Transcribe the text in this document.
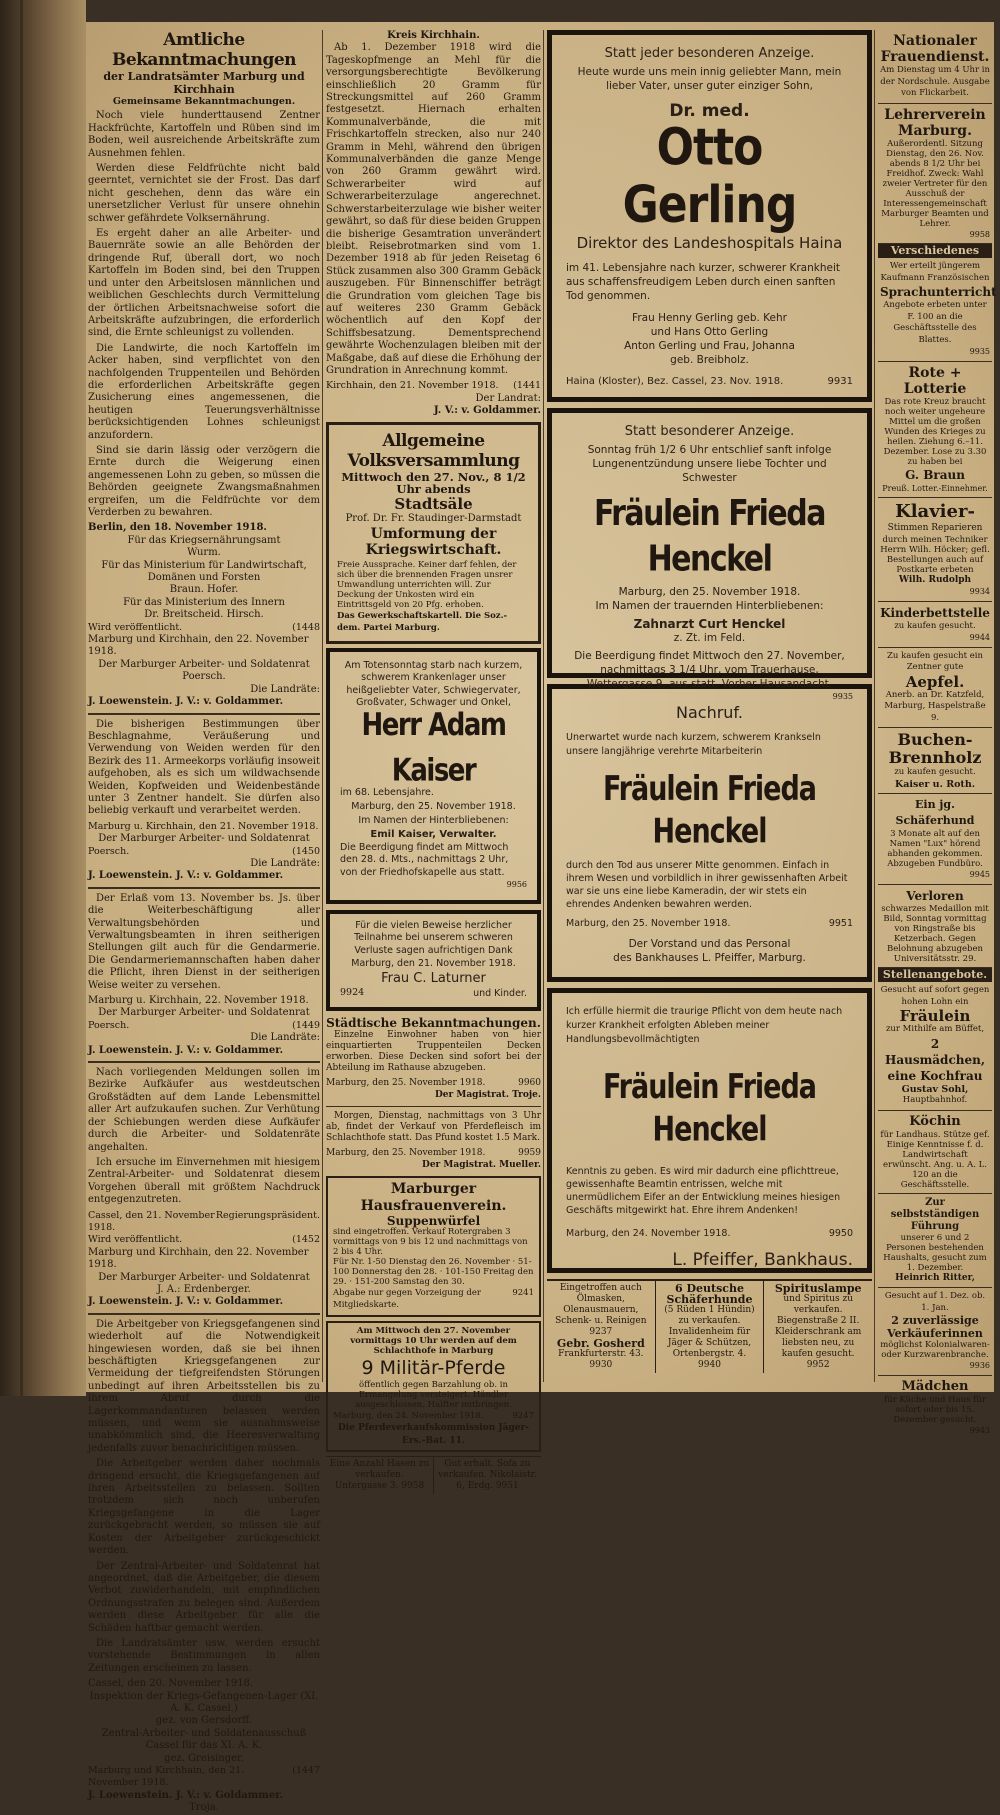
Amtliche Bekanntmachungen
der Landratsämter Marburg und Kirchhain
Gemeinsame Bekanntmachungen.

Noch viele hunderttausend Zentner Hackfrüchte, Kartoffeln und Rüben sind im Boden, weil ausreichende Arbeitskräfte zum Ausnehmen fehlen.

Werden diese Feldfrüchte nicht bald geerntet, vernichtet sie der Frost. Das darf nicht geschehen, denn das wäre ein unersetzlicher Verlust für unsere ohnehin schwer gefährdete Volksernährung.

Es ergeht daher an alle Arbeiter- und Bauernräte sowie an alle Behörden der dringende Ruf, überall dort, wo noch Kartoffeln im Boden sind, bei den Truppen und unter den Arbeitslosen männlichen und weiblichen Geschlechts durch Vermittelung der örtlichen Arbeitsnachweise sofort die Arbeitskräfte aufzubringen, die erforderlich sind, die Ernte schleunigst zu vollenden.

Die Landwirte, die noch Kartoffeln im Acker haben, sind verpflichtet von den nachfolgenden Truppenteilen und Behörden die erforderlichen Arbeitskräfte gegen Zusicherung eines angemessenen, die heutigen Teuerungsverhältnisse berücksichtigenden Lohnes schleunigst anzufordern.

Sind sie darin lässig oder verzögern die Ernte durch die Weigerung einen angemessenen Lohn zu geben, so müssen die Behörden geeignete Zwangsmaßnahmen ergreifen, um die Feldfrüchte vor dem Verderben zu bewahren.

Berlin, den 18. November 1918.
Für das Kriegsernährungsamt
Wurm.
Für das Ministerium für Landwirtschaft, Domänen und Forsten
Braun. Hofer.
Für das Ministerium des Innern
Dr. Breitscheid. Hirsch.
Wird veröffentlicht.	(1448
Marburg und Kirchhain, den 22. November 1918.
Der Marburger Arbeiter- und Soldatenrat
Poersch.
Die Landräte:
J. Loewenstein. J. V.: v. Goldammer.

Die bisherigen Bestimmungen über Beschlagnahme, Veräußerung und Verwendung von Weiden werden für den Bezirk des 11. Armeekorps vorläufig insoweit aufgehoben, als es sich um wildwachsende Weiden, Kopfweiden und Weidenbestände unter 3 Zentner handelt. Sie dürfen also beliebig verkauft und verarbeitet werden.

Marburg u. Kirchhain, den 21. November 1918.
Der Marburger Arbeiter- und Soldatenrat
Poersch.	(1450
Die Landräte:
J. Loewenstein. J. V.: v. Goldammer.

Der Erlaß vom 13. November bs. Js. über die Weiterbeschäftigung aller Verwaltungsbehörden und Verwaltungsbeamten in ihren seitherigen Stellungen gilt auch für die Gendarmerie. Die Gendarmeriemannschaften haben daher die Pflicht, ihren Dienst in der seitherigen Weise weiter zu versehen.

Marburg u. Kirchhain, 22. November 1918.
Der Marburger Arbeiter- und Soldatenrat
Poersch.	(1449
Die Landräte:
J. Loewenstein. J. V.: v. Goldammer.

Nach vorliegenden Meldungen sollen im Bezirke Aufkäufer aus westdeutschen Großstädten auf dem Lande Lebensmittel aller Art aufzukaufen suchen. Zur Verhütung der Schiebungen werden diese Aufkäufer durch die Arbeiter- und Soldatenräte angehalten.

Ich ersuche im Einvernehmen mit hiesigem Zentral-Arbeiter- und Soldatenrat diesem Vorgehen überall mit größtem Nachdruck entgegenzutreten.

Cassel, den 21. November 1918.
Regierungspräsident.
Wird veröffentlicht.	(1452
Marburg und Kirchhain, den 22. November 1918.
Der Marburger Arbeiter- und Soldatenrat
J. A.: Erdenberger.
J. Loewenstein. J. V.: v. Goldammer.

Die Arbeitgeber von Kriegsgefangenen sind wiederholt auf die Notwendigkeit hingewiesen worden, daß sie bei ihnen beschäftigten Kriegsgefangenen zur Vermeidung der tiefgreifendsten Störungen unbedingt auf ihren Arbeitsstellen bis zu ihrem Abruf durch die Lagerkommandanturen belassen werden müssen, und wenn sie ausnahmsweise unabkömmlich sind, die Heeresverwaltung jedenfalls zuvor benachrichtigen müssen.

Die Arbeitgeber werden daher nochmals dringend ersucht, die Kriegsgefangenen auf ihren Arbeitsstellen zu belassen. Sollten trotzdem sich noch unberufen Kriegsgefangene in die Lager zurückgebracht werden, so müssen sie auf Kosten der Arbeitgeber zurückgeschickt werden.

Der Zentral-Arbeiter- und Soldatenrat hat angeordnet, daß die Arbeitgeber, die diesem Verbot zuwiderhandeln, mit empfindlichen Ordnungsstrafen zu belegen sind. Außerdem werden diese Arbeitgeber für alle die Schäden haftbar gemacht werden.

Die Landratsämter usw. werden ersucht vorstehende Bestimmungen in allen Zeitungen erscheinen zu lassen.

Cassel, den 20. November 1918.
Inspektion der Kriegs-Gefangenen-Lager (XI. A. K. Cassel.)
gez. von Gersdorff.
Zentral-Arbeiter- und Soldatenausschuß Cassel für das XI. A. K.
gez. Greisinger.
Marburg und Kirchhain, den 21. November 1918.
(1447
J. Loewenstein. J. V.: v. Goldammer.
Troja.
Kreis Kirchhain.

Ab 1. Dezember 1918 wird die Tageskopfmenge an Mehl für die versorgungsberechtigte Bevölkerung einschließlich 20 Gramm für Streckungsmittel auf 260 Gramm festgesetzt. Hiernach erhalten Kommunalverbände, die mit Frischkartoffeln strecken, also nur 240 Gramm in Mehl, während den übrigen Kommunalverbänden die ganze Menge von 260 Gramm gewährt wird. Schwerarbeiter wird auf Schwerarbeiterzulage angerechnet. Schwerstarbeiterzulage wie bisher weiter gewährt, so daß für diese beiden Gruppen die bisherige Gesamtration unverändert bleibt. Reisebrotmarken sind vom 1. Dezember 1918 ab für jeden Reisetag 6 Stück zusammen also 300 Gramm Gebäck auszugeben. Für Binnenschiffer beträgt die Grundration vom gleichen Tage bis auf weiteres 230 Gramm Gebäck wöchentlich auf den Kopf der Schiffsbesatzung. Dementsprechend gewährte Wochenzulagen bleiben mit der Maßgabe, daß auf diese die Erhöhung der Grundration in Anrechnung kommt.

Kirchhain, den 21. November 1918. (1441
Der Landrat:
J. V.: v. Goldammer.
Allgemeine Volksversammlung
Mittwoch den 27. Nov., 8 1/2 Uhr abends
Stadtsäle
Prof. Dr. Fr. Staudinger-Darmstadt
Umformung der Kriegswirtschaft.
Freie Aussprache. Keiner darf fehlen, der sich über die brennenden Fragen unsrer Umwandlung unterrichten will. Zur Deckung der Unkosten wird ein Eintrittsgeld von 20 Pfg. erhoben.
Das Gewerkschaftskartell. Die Soz.-dem. Partei Marburg.
Am Totensonntag starb nach kurzem, schwerem Krankenlager unser heißgeliebter Vater, Schwiegervater, Großvater, Schwager und Onkel,
Herr Adam Kaiser
im 68. Lebensjahre.
Marburg, den 25. November 1918.
Im Namen der Hinterbliebenen:
Emil Kaiser, Verwalter.
Die Beerdigung findet am Mittwoch den 28. d. Mts., nachmittags 2 Uhr, von der Friedhofskapelle aus statt.
9956
Für die vielen Beweise herzlicher Teilnahme bei unserem schweren Verluste sagen aufrichtigen Dank
Marburg, den 21. November 1918.
Frau C. Laturner
9924	und Kinder.
Städtische Bekanntmachungen.

Einzelne Einwohner haben von hier einquartierten Truppenteilen Decken erworben. Diese Decken sind sofort bei der Abteilung im Rathause abzugeben.

Marburg, den 25. November 1918.	9960
Der Magistrat. Troje.

Morgen, Dienstag, nachmittags von 3 Uhr ab, findet der Verkauf von Pferdefleisch im Schlachthofe statt. Das Pfund kostet 1.5 Mark.

Marburg, den 25. November 1918.	9959
Der Magistrat. Mueller.
Marburger Hausfrauenverein.
Suppenwürfel
sind eingetroffen. Verkauf Rotergraben 3 vormittags von 9 bis 12 und nachmittags von 2 bis 4 Uhr.
Für Nr. 1-50 Dienstag den 26. November · 51-100 Donnerstag den 28. · 101-150 Freitag den 29. · 151-200 Samstag den 30.
Abgabe nur gegen Vorzeigung der Mitgliedskarte.
9241
Am Mittwoch den 27. November vormittags 10 Uhr werden auf dem Schlachthofe in Marburg
9 Militär-Pferde
öffentlich gegen Barzahlung ob. in Ermangelung versteigert. Händler ausgeschlossen. Halfter mitbringen.
Marburg, den 24. November 1918.	9247
Die Pferdeverkaufskommission Jäger-Ers.-Bat. 11.
Eine Anzahl Hasen zu verkaufen. Untergasse 3. 9958
Gut erhalt. Sofa zu verkaufen. Nikolaistr. 6, Erdg. 9951
Statt jeder besonderen Anzeige.
Heute wurde uns mein innig geliebter Mann, mein lieber Vater, unser guter einziger Sohn,
Dr. med.
Otto Gerling
Direktor des Landeshospitals Haina
im 41. Lebensjahre nach kurzer, schwerer Krankheit aus schaffensfreudigem Leben durch einen sanften Tod genommen.
Frau Henny Gerling geb. Kehr
und Hans Otto Gerling
Anton Gerling und Frau, Johanna
geb. Breibholz.
Haina (Kloster), Bez. Cassel, 23. Nov. 1918.	9931
Statt besonderer Anzeige.
Sonntag früh 1/2 6 Uhr entschlief sanft infolge Lungenentzündung unsere liebe Tochter und Schwester
Fräulein Frieda Henckel
Marburg, den 25. November 1918.
Im Namen der trauernden Hinterbliebenen:
Zahnarzt Curt Henckel
z. Zt. im Feld.
Die Beerdigung findet Mittwoch den 27. November, nachmittags 3 1/4 Uhr, vom Trauerhause, Wettergasse 9, aus statt. Vorher Hausandacht.
9935
Nachruf.
Unerwartet wurde nach kurzem, schwerem Krankseln unsere langjährige verehrte Mitarbeiterin
Fräulein Frieda Henckel
durch den Tod aus unserer Mitte genommen. Einfach in ihrem Wesen und vorbildlich in ihrer gewissenhaften Arbeit war sie uns eine liebe Kameradin, der wir stets ein ehrendes Andenken bewahren werden.
Marburg, den 25. November 1918.	9951
Der Vorstand und das Personal
des Bankhauses L. Pfeiffer, Marburg.
Ich erfülle hiermit die traurige Pflicht von dem heute nach kurzer Krankheit erfolgten Ableben meiner Handlungsbevollmächtigten
Fräulein Frieda Henckel
Kenntnis zu geben. Es wird mir dadurch eine pflichttreue, gewissenhafte Beamtin entrissen, welche mit unermüdlichem Eifer an der Entwicklung meines hiesigen Geschäfts mitgewirkt hat. Ehre ihrem Andenken!
Marburg, den 24. November 1918.	9950
L. Pfeiffer, Bankhaus.
Eingetroffen auch Ölmasken, Olenausmauern, Schenk- u. Reinigen
9237
Gebr. Gosherd
Frankfurterstr. 43.
9930
6 Deutsche Schäferhunde
(5 Rüden 1 Hündin) zu verkaufen. Invalidenheim für Jäger & Schützen, Ortenbergstr. 4.
9940
Spirituslampe
und Spiritus zu verkaufen. Biegenstraße 2 II. Kleiderschrank am liebsten neu, zu kaufen gesucht.
9952
Nationaler Frauendienst.
Am Dienstag um 4 Uhr in der Nordschule. Ausgabe von Flickarbeit.
Lehrerverein Marburg.
Außerordentl. Sitzung Dienstag, den 26. Nov. abends 8 1/2 Uhr bei Freidhof. Zweck: Wahl zweier Vertreter für den Ausschuß der Interessengemeinschaft Marburger Beamten und Lehrer.
9958
Verschiedenes
Wer erteilt jüngerem Kaufmann Französischen
Sprachunterricht
Angebote erbeten unter F. 100 an die Geschäftsstelle des Blattes.
9935
Rote + Lotterie
Das rote Kreuz braucht noch weiter ungeheure Mittel um die großen Wunden des Krieges zu heilen. Ziehung 6.–11. Dezember. Lose zu 3.30 zu haben bei
G. Braun
Preuß. Lotter.-Einnehmer.
Klavier-
Stimmen Reparieren
durch meinen Techniker Herrn Wilh. Höcker; gefl. Bestellungen auch auf Postkarte erbeten
Wilh. Rudolph
9934
Kinderbettstelle
zu kaufen gesucht.
9944
Zu kaufen gesucht ein Zentner gute
Aepfel.
Anerb. an Dr. Katzfeld, Marburg, Haspelstraße 9.
Buchen-
Brennholz
zu kaufen gesucht.
Kaiser u. Roth.
Ein jg. Schäferhund
3 Monate alt auf den Namen "Lux" hörend abhanden gekommen. Abzugeben Fundbüro.
9945
Verloren
schwarzes Medaillon mit Bild, Sonntag vormittag von Ringstraße bis Ketzerbach. Gegen Belohnung abzugeben Universitätsstr. 29.
Stellenangebote.
Gesucht auf sofort gegen hohen Lohn ein
Fräulein
zur Mithilfe am Büffet,
2 Hausmädchen,
eine Kochfrau
Gustav Sohl,
Hauptbahnhof.
Köchin
für Landhaus. Stütze gef. Einige Kenntnisse f. d. Landwirtschaft erwünscht. Ang. u. A. L. 120 an die Geschäftsstelle.
Zur selbstständigen Führung
unserer 6 und 2 Personen bestehenden Haushalts, gesucht zum 1. Dezember.
Heinrich Ritter,
Gesucht auf 1. Dez. ob. 1. Jan.
2 zuverlässige Verkäuferinnen
möglichst Kolonialwaren- oder Kurzwarenbranche.
9936
Mädchen
für Küche und Haus für sofort oder bis 15. Dezember gesucht.
9943
